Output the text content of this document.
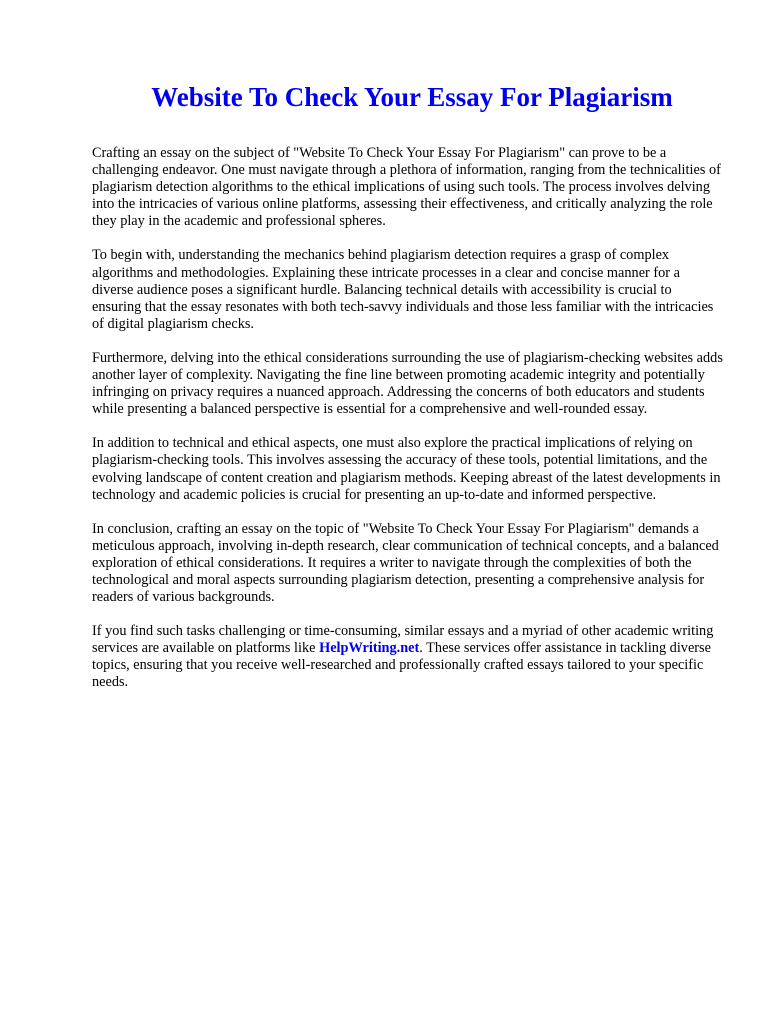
Website To Check Your Essay For Plagiarism

Crafting an essay on the subject of "Website To Check Your Essay For Plagiarism" can prove to be a challenging endeavor. One must navigate through a plethora of information, ranging from the technicalities of plagiarism detection algorithms to the ethical implications of using such tools. The process involves delving into the intricacies of various online platforms, assessing their effectiveness, and critically analyzing the role they play in the academic and professional spheres.

To begin with, understanding the mechanics behind plagiarism detection requires a grasp of complex algorithms and methodologies. Explaining these intricate processes in a clear and concise manner for a diverse audience poses a significant hurdle. Balancing technical details with accessibility is crucial to ensuring that the essay resonates with both tech-savvy individuals and those less familiar with the intricacies of digital plagiarism checks.

Furthermore, delving into the ethical considerations surrounding the use of plagiarism-checking websites adds another layer of complexity. Navigating the fine line between promoting academic integrity and potentially infringing on privacy requires a nuanced approach. Addressing the concerns of both educators and students while presenting a balanced perspective is essential for a comprehensive and well-rounded essay.

In addition to technical and ethical aspects, one must also explore the practical implications of relying on plagiarism-checking tools. This involves assessing the accuracy of these tools, potential limitations, and the evolving landscape of content creation and plagiarism methods. Keeping abreast of the latest developments in technology and academic policies is crucial for presenting an up-to-date and informed perspective.

In conclusion, crafting an essay on the topic of "Website To Check Your Essay For Plagiarism" demands a meticulous approach, involving in-depth research, clear communication of technical concepts, and a balanced exploration of ethical considerations. It requires a writer to navigate through the complexities of both the technological and moral aspects surrounding plagiarism detection, presenting a comprehensive analysis for readers of various backgrounds.

If you find such tasks challenging or time-consuming, similar essays and a myriad of other academic writing services are available on platforms like HelpWriting.net. These services offer assistance in tackling diverse topics, ensuring that you receive well-researched and professionally crafted essays tailored to your specific needs.
